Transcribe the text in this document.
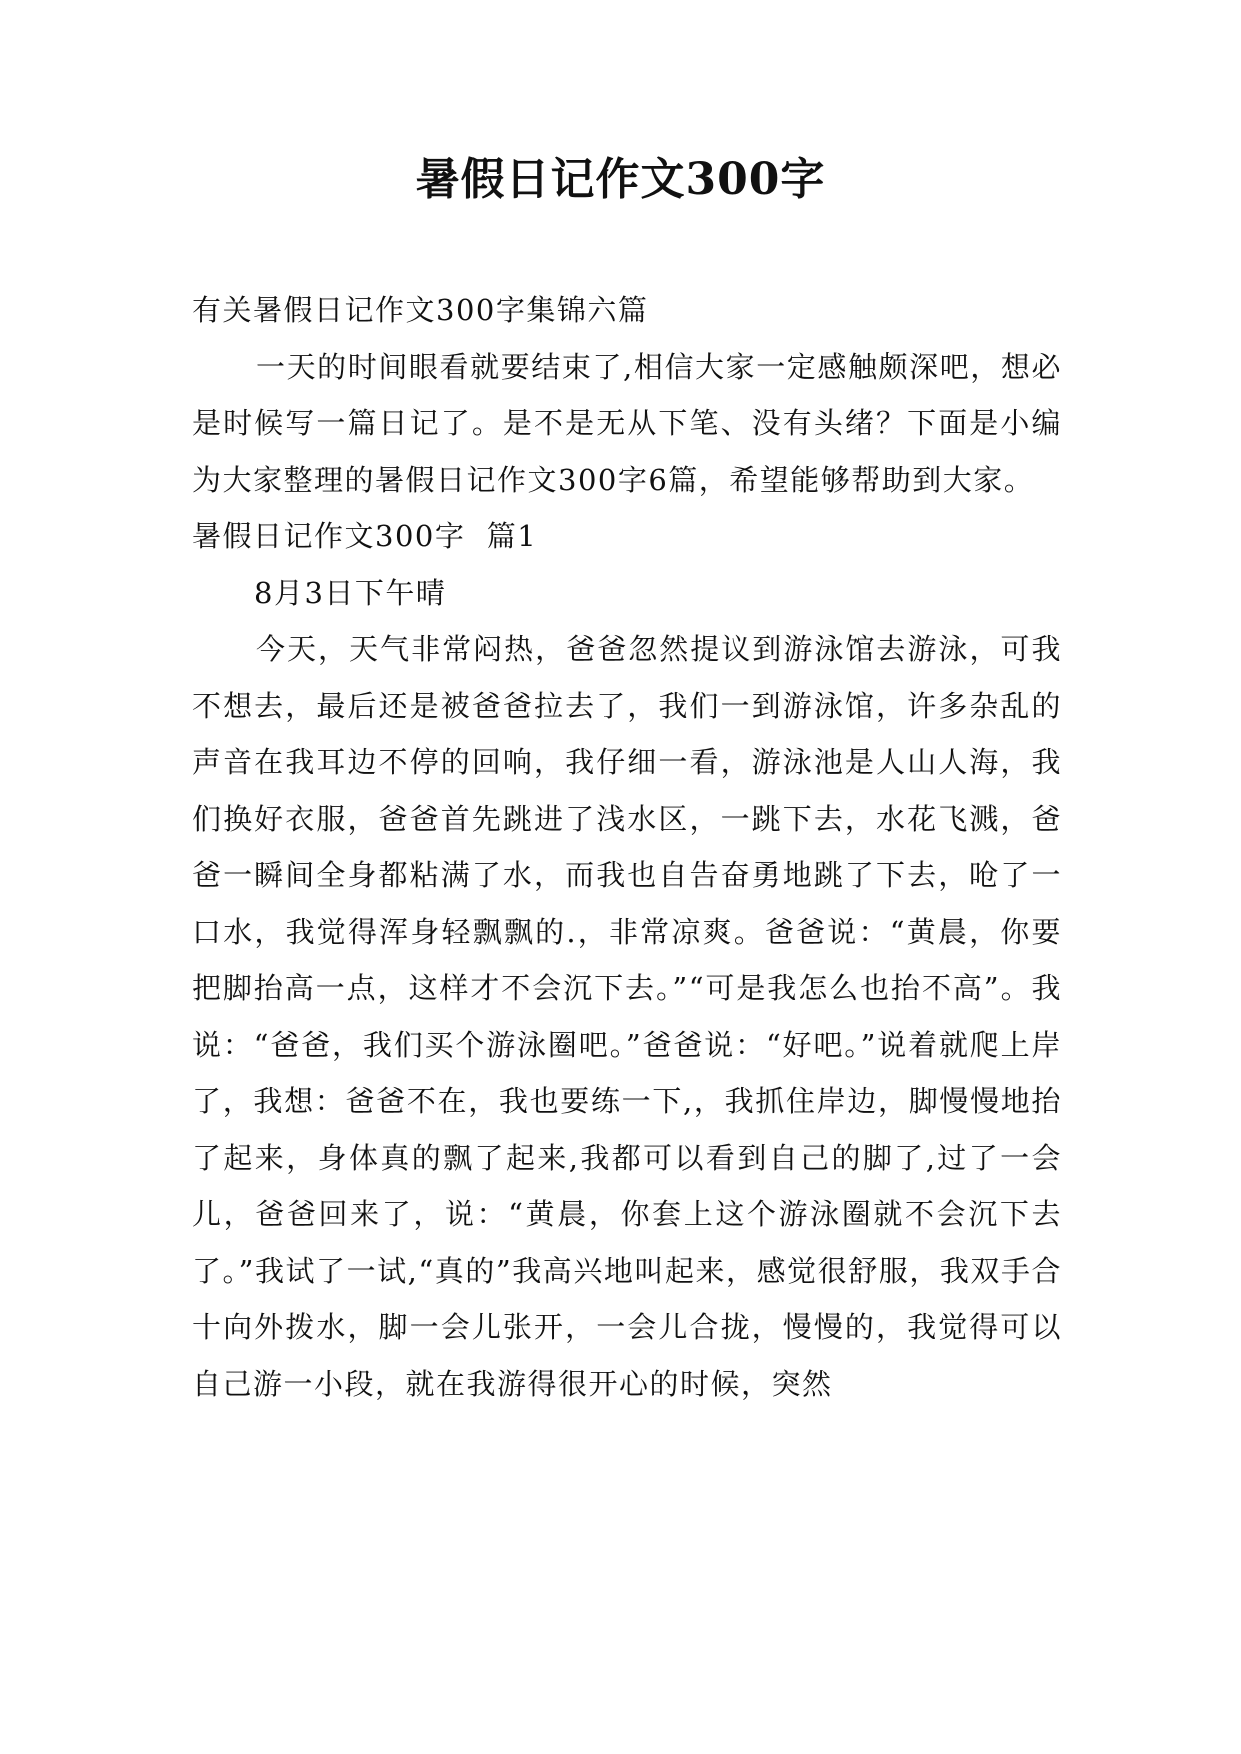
暑假日记作文300字

有关暑假日记作文300字集锦六篇

一天的时间眼看就要结束了,相信大家一定感触颇深吧，想必是时候写一篇日记了。是不是无从下笔、没有头绪？下面是小编为大家整理的暑假日记作文300字6篇，希望能够帮助到大家。

暑假日记作文300字  篇1

8月3日下午晴

今天，天气非常闷热，爸爸忽然提议到游泳馆去游泳，可我不想去，最后还是被爸爸拉去了，我们一到游泳馆，许多杂乱的声音在我耳边不停的回响，我仔细一看，游泳池是人山人海，我们换好衣服，爸爸首先跳进了浅水区，一跳下去，水花飞溅，爸爸一瞬间全身都粘满了水，而我也自告奋勇地跳了下去，呛了一口水，我觉得浑身轻飘飘的.，非常凉爽。爸爸说：“黄晨，你要把脚抬高一点，这样才不会沉下去。”“可是我怎么也抬不高”。我说：“爸爸，我们买个游泳圈吧。”爸爸说：“好吧。”说着就爬上岸了，我想：爸爸不在，我也要练一下,，我抓住岸边，脚慢慢地抬了起来，身体真的飘了起来,我都可以看到自己的脚了,过了一会儿，爸爸回来了，说：“黄晨，你套上这个游泳圈就不会沉下去了。”我试了一试,“真的”我高兴地叫起来，感觉很舒服，我双手合十向外拨水，脚一会儿张开，一会儿合拢，慢慢的，我觉得可以自己游一小段，就在我游得很开心的时候，突然
